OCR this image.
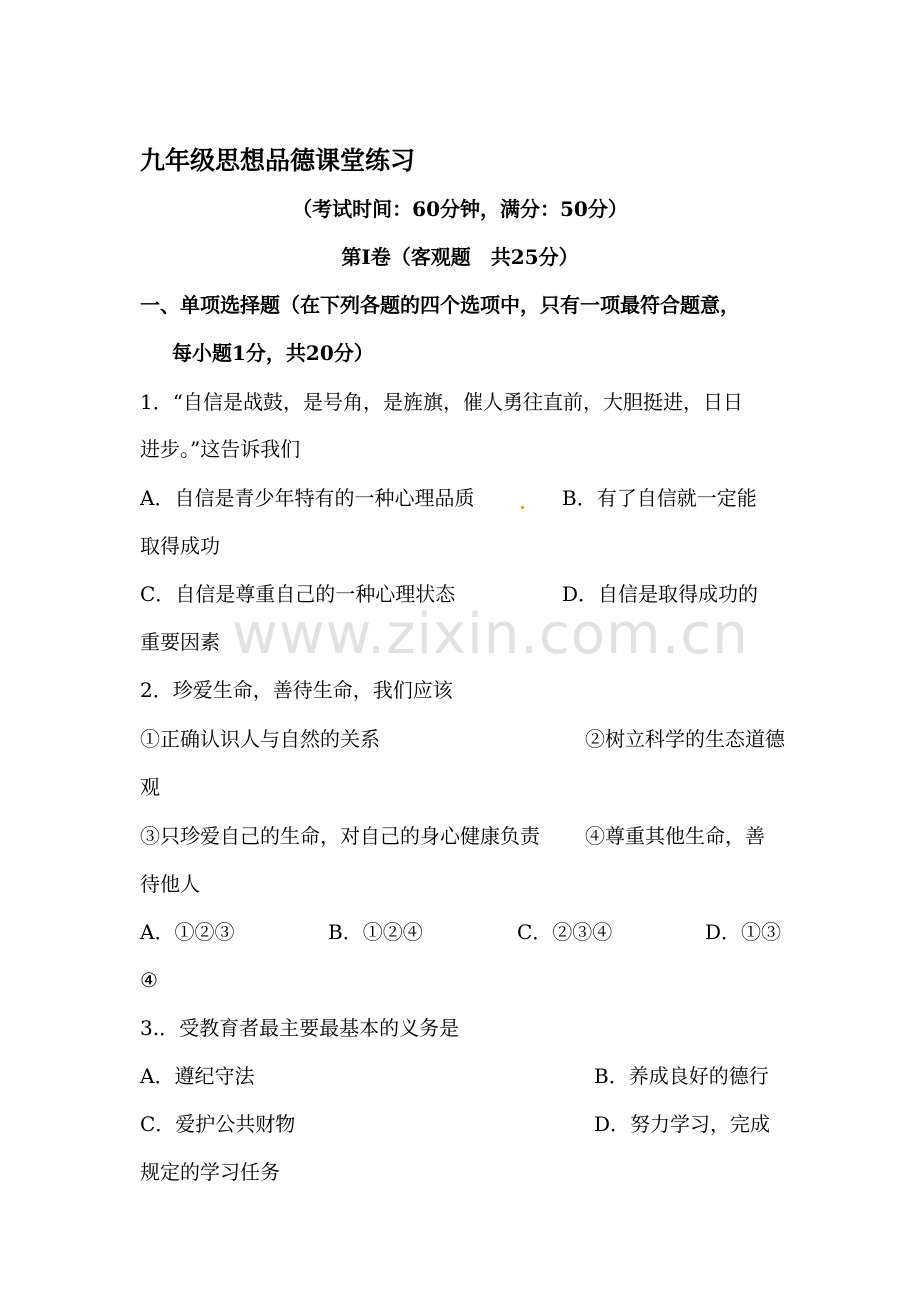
九年级思想品德课堂练习
（考试时间：60分钟，满分：50分）
第Ⅰ卷（客观题　共25分）
一、单项选择题（在下列各题的四个选项中，只有一项最符合题意，
每小题1分，共20分）
1．“自信是战鼓，是号角，是旌旗，催人勇往直前，大胆挺进，日日
进步。”这告诉我们
A．自信是青少年特有的一种心理品质	B．有了自信就一定能
取得成功
C．自信是尊重自己的一种心理状态	D．自信是取得成功的
重要因素
2．珍爱生命，善待生命，我们应该
①正确认识人与自然的关系	②树立科学的生态道德
观
③只珍爱自己的生命，对自己的身心健康负责 ④尊重其他生命，善
待他人
A．①②③	B．①②④	C．②③④	D．①③
④
3.．受教育者最主要最基本的义务是
A．遵纪守法	B．养成良好的德行
C．爱护公共财物	D．努力学习，完成
规定的学习任务
www.zixin.com.cn
